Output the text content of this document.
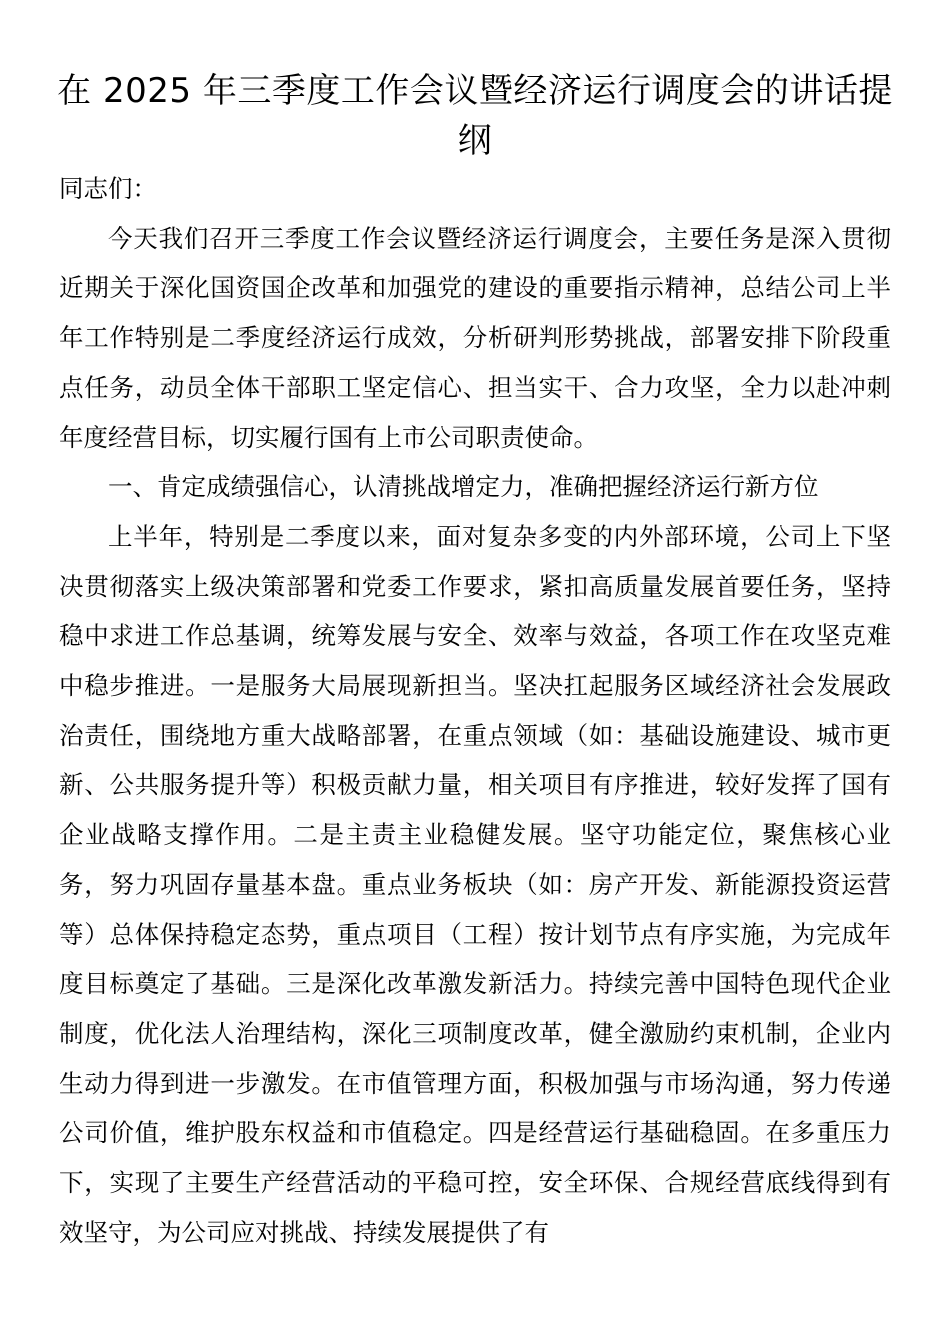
在 2025 年三季度工作会议暨经济运行调度会的讲话提纲

同志们：

今天我们召开三季度工作会议暨经济运行调度会，主要任务是深入贯彻近期关于深化国资国企改革和加强党的建设的重要指示精神，总结公司上半年工作特别是二季度经济运行成效，分析研判形势挑战，部署安排下阶段重点任务，动员全体干部职工坚定信心、担当实干、合力攻坚，全力以赴冲刺年度经营目标，切实履行国有上市公司职责使命。

一、肯定成绩强信心，认清挑战增定力，准确把握经济运行新方位

上半年，特别是二季度以来，面对复杂多变的内外部环境，公司上下坚决贯彻落实上级决策部署和党委工作要求，紧扣高质量发展首要任务，坚持稳中求进工作总基调，统筹发展与安全、效率与效益，各项工作在攻坚克难中稳步推进。一是服务大局展现新担当。坚决扛起服务区域经济社会发展政治责任，围绕地方重大战略部署，在重点领域（如：基础设施建设、城市更新、公共服务提升等）积极贡献力量，相关项目有序推进，较好发挥了国有企业战略支撑作用。二是主责主业稳健发展。坚守功能定位，聚焦核心业务，努力巩固存量基本盘。重点业务板块（如：房产开发、新能源投资运营等）总体保持稳定态势，重点项目（工程）按计划节点有序实施，为完成年度目标奠定了基础。三是深化改革激发新活力。持续完善中国特色现代企业制度，优化法人治理结构，深化三项制度改革，健全激励约束机制，企业内生动力得到进一步激发。在市值管理方面，积极加强与市场沟通，努力传递公司价值，维护股东权益和市值稳定。四是经营运行基础稳固。在多重压力下，实现了主要生产经营活动的平稳可控，安全环保、合规经营底线得到有效坚守，为公司应对挑战、持续发展提供了有
